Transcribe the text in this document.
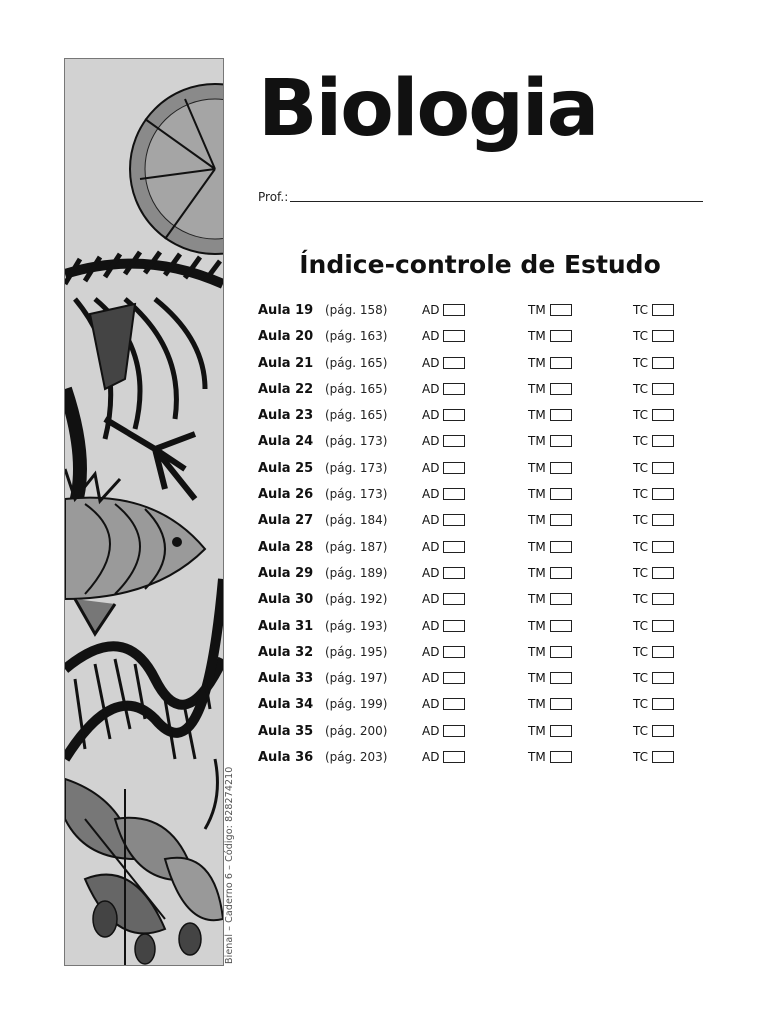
Bienal – Caderno 6 – Código: 828274210
Biologia
Prof.:
Índice-controle de Estudo
Aula 19 (pág. 158)	AD	TM	TC
Aula 20 (pág. 163)	AD	TM	TC
Aula 21 (pág. 165)	AD	TM	TC
Aula 22 (pág. 165)	AD	TM	TC
Aula 23 (pág. 165)	AD	TM	TC
Aula 24 (pág. 173)	AD	TM	TC
Aula 25 (pág. 173)	AD	TM	TC
Aula 26 (pág. 173)	AD	TM	TC
Aula 27 (pág. 184)	AD	TM	TC
Aula 28 (pág. 187)	AD	TM	TC
Aula 29 (pág. 189)	AD	TM	TC
Aula 30 (pág. 192)	AD	TM	TC
Aula 31 (pág. 193)	AD	TM	TC
Aula 32 (pág. 195)	AD	TM	TC
Aula 33 (pág. 197)	AD	TM	TC
Aula 34 (pág. 199)	AD	TM	TC
Aula 35 (pág. 200)	AD	TM	TC
Aula 36 (pág. 203)	AD	TM	TC
